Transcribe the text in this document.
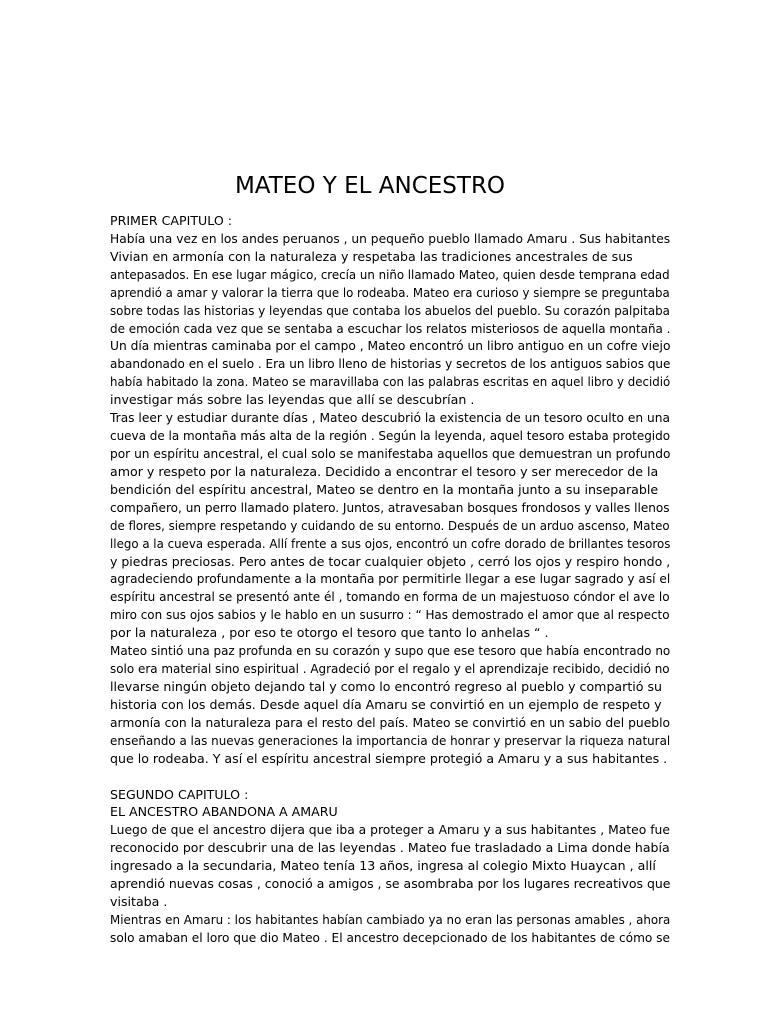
MATEO Y EL ANCESTRO
PRIMER CAPITULO :
Había una vez en los andes peruanos , un pequeño pueblo llamado Amaru . Sus habitantes
Vivian en armonía con la naturaleza y respetaba las tradiciones ancestrales de sus
antepasados. En ese lugar mágico, crecía un niño llamado Mateo, quien desde temprana edad
aprendió a amar y valorar la tierra que lo rodeaba. Mateo era curioso y siempre se preguntaba
sobre todas las historias y leyendas que contaba los abuelos del pueblo. Su corazón palpitaba
de emoción cada vez que se sentaba a escuchar los relatos misteriosos de aquella montaña .
Un día mientras caminaba por el campo , Mateo encontró un libro antiguo en un cofre viejo
abandonado en el suelo . Era un libro lleno de historias y secretos de los antiguos sabios que
había habitado la zona. Mateo se maravillaba con las palabras escritas en aquel libro y decidió
investigar más sobre las leyendas que allí se descubrían .
Tras leer y estudiar durante días , Mateo descubrió la existencia de un tesoro oculto en una
cueva de la montaña más alta de la región . Según la leyenda, aquel tesoro estaba protegido
por un espíritu ancestral, el cual solo se manifestaba aquellos que demuestran un profundo
amor y respeto por la naturaleza. Decidido a encontrar el tesoro y ser merecedor de la
bendición del espíritu ancestral, Mateo se dentro en la montaña junto a su inseparable
compañero, un perro llamado platero. Juntos, atravesaban bosques frondosos y valles llenos
de flores, siempre respetando y cuidando de su entorno. Después de un arduo ascenso, Mateo
llego a la cueva esperada. Allí frente a sus ojos, encontró un cofre dorado de brillantes tesoros
y piedras preciosas. Pero antes de tocar cualquier objeto , cerró los ojos y respiro hondo ,
agradeciendo profundamente a la montaña por permitirle llegar a ese lugar sagrado y así el
espíritu ancestral se presentó ante él , tomando en forma de un majestuoso cóndor el ave lo
miro con sus ojos sabios y le hablo en un susurro : “ Has demostrado el amor que al respecto
por la naturaleza , por eso te otorgo el tesoro que tanto lo anhelas “ .
Mateo sintió una paz profunda en su corazón y supo que ese tesoro que había encontrado no
solo era material sino espiritual . Agradeció por el regalo y el aprendizaje recibido, decidió no
llevarse ningún objeto dejando tal y como lo encontró regreso al pueblo y compartió su
historia con los demás. Desde aquel día Amaru se convirtió en un ejemplo de respeto y
armonía con la naturaleza para el resto del país. Mateo se convirtió en un sabio del pueblo
enseñando a las nuevas generaciones la importancia de honrar y preservar la riqueza natural
que lo rodeaba. Y así el espíritu ancestral siempre protegió a Amaru y a sus habitantes .
SEGUNDO CAPITULO :
EL ANCESTRO ABANDONA A AMARU
Luego de que el ancestro dijera que iba a proteger a Amaru y a sus habitantes , Mateo fue
reconocido por descubrir una de las leyendas . Mateo fue trasladado a Lima donde había
ingresado a la secundaria, Mateo tenía 13 años, ingresa al colegio Mixto Huaycan , allí
aprendió nuevas cosas , conoció a amigos , se asombraba por los lugares recreativos que
visitaba .
Mientras en Amaru : los habitantes habían cambiado ya no eran las personas amables , ahora
solo amaban el loro que dio Mateo . El ancestro decepcionado de los habitantes de cómo se
